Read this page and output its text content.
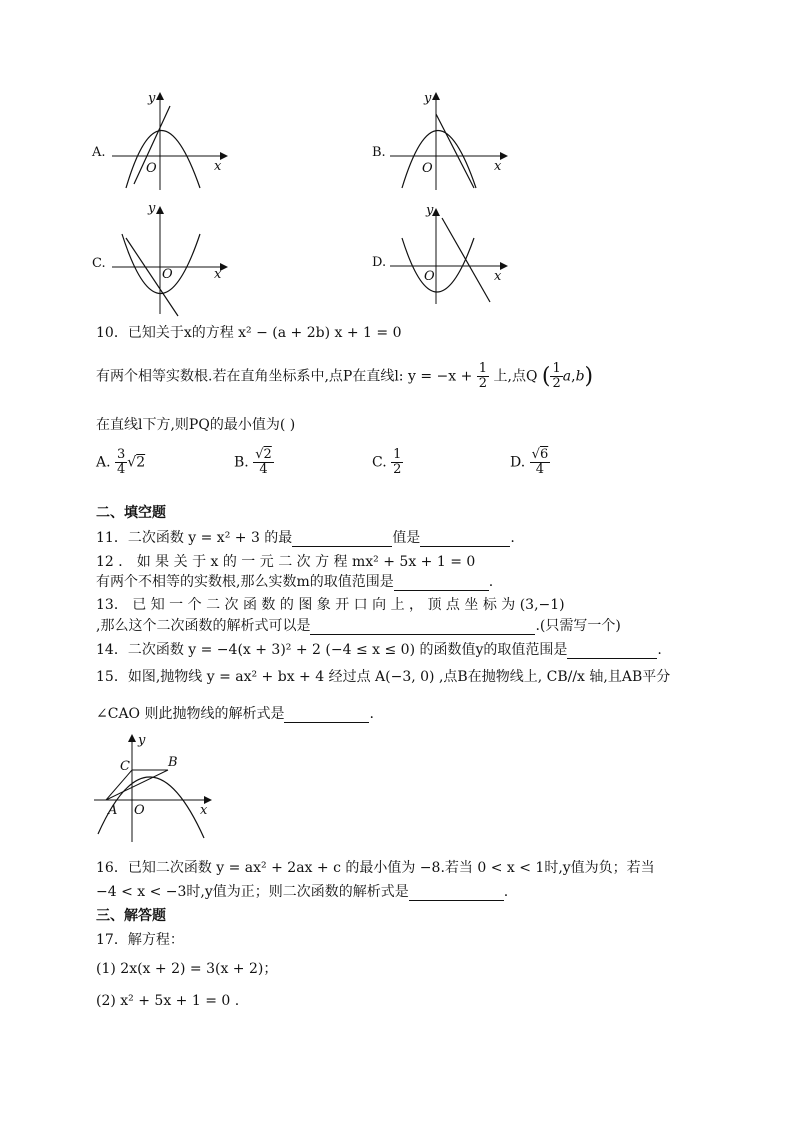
A.
x
y
O
B.
x
y
O
C.
x
y
O
D.
x
y
O
10．已知关于x的方程 x² − (a + 2b) x + 1 = 0
有两个相等实数根.若在直角坐标系中,点P在直线l: $y = -x + \frac{1}{2}$ 上,点Q ( $\frac{1}{2} a,b$)
在直线l下方,则PQ的最小值为( )
A. $\frac{3}{4} √2$	B. $\frac{√2}{4}$	C. $\frac{1}{2}$	D. $\frac{√6}{4}$
二、填空题
11．二次函数 y = x² + 3 的最	值是	.
12 ． 如 果 关 于 x 的 一 元 二 次 方 程 mx² + 5x + 1 = 0
有两个不相等的实数根,那么实数m的取值范围是	.
13． 已 知 一 个 二 次 函 数 的 图 象 开 口 向 上 ， 顶 点 坐 标 为 (3,−1)
,那么这个二次函数的解析式可以是	.(只需写一个)
14．二次函数 y = −4(x + 3)² + 2 (−4 ≤ x ≤ 0) 的函数值y的取值范围是	.
15．如图,抛物线 y = ax² + bx + 4 经过点 A(−3, 0) ,点B在抛物线上, CB//x 轴,且AB平分
∠CAO 则此抛物线的解析式是	.
y
x
C	B
A O
16．已知二次函数 y = ax² + 2ax + c 的最小值为 −8.若当 0 < x < 1时,y值为负；若当
−4 < x < −3时,y值为正；则二次函数的解析式是	.
三、解答题
17．解方程：
(1) 2x(x + 2) = 3(x + 2)；
(2) x² + 5x + 1 = 0 .
